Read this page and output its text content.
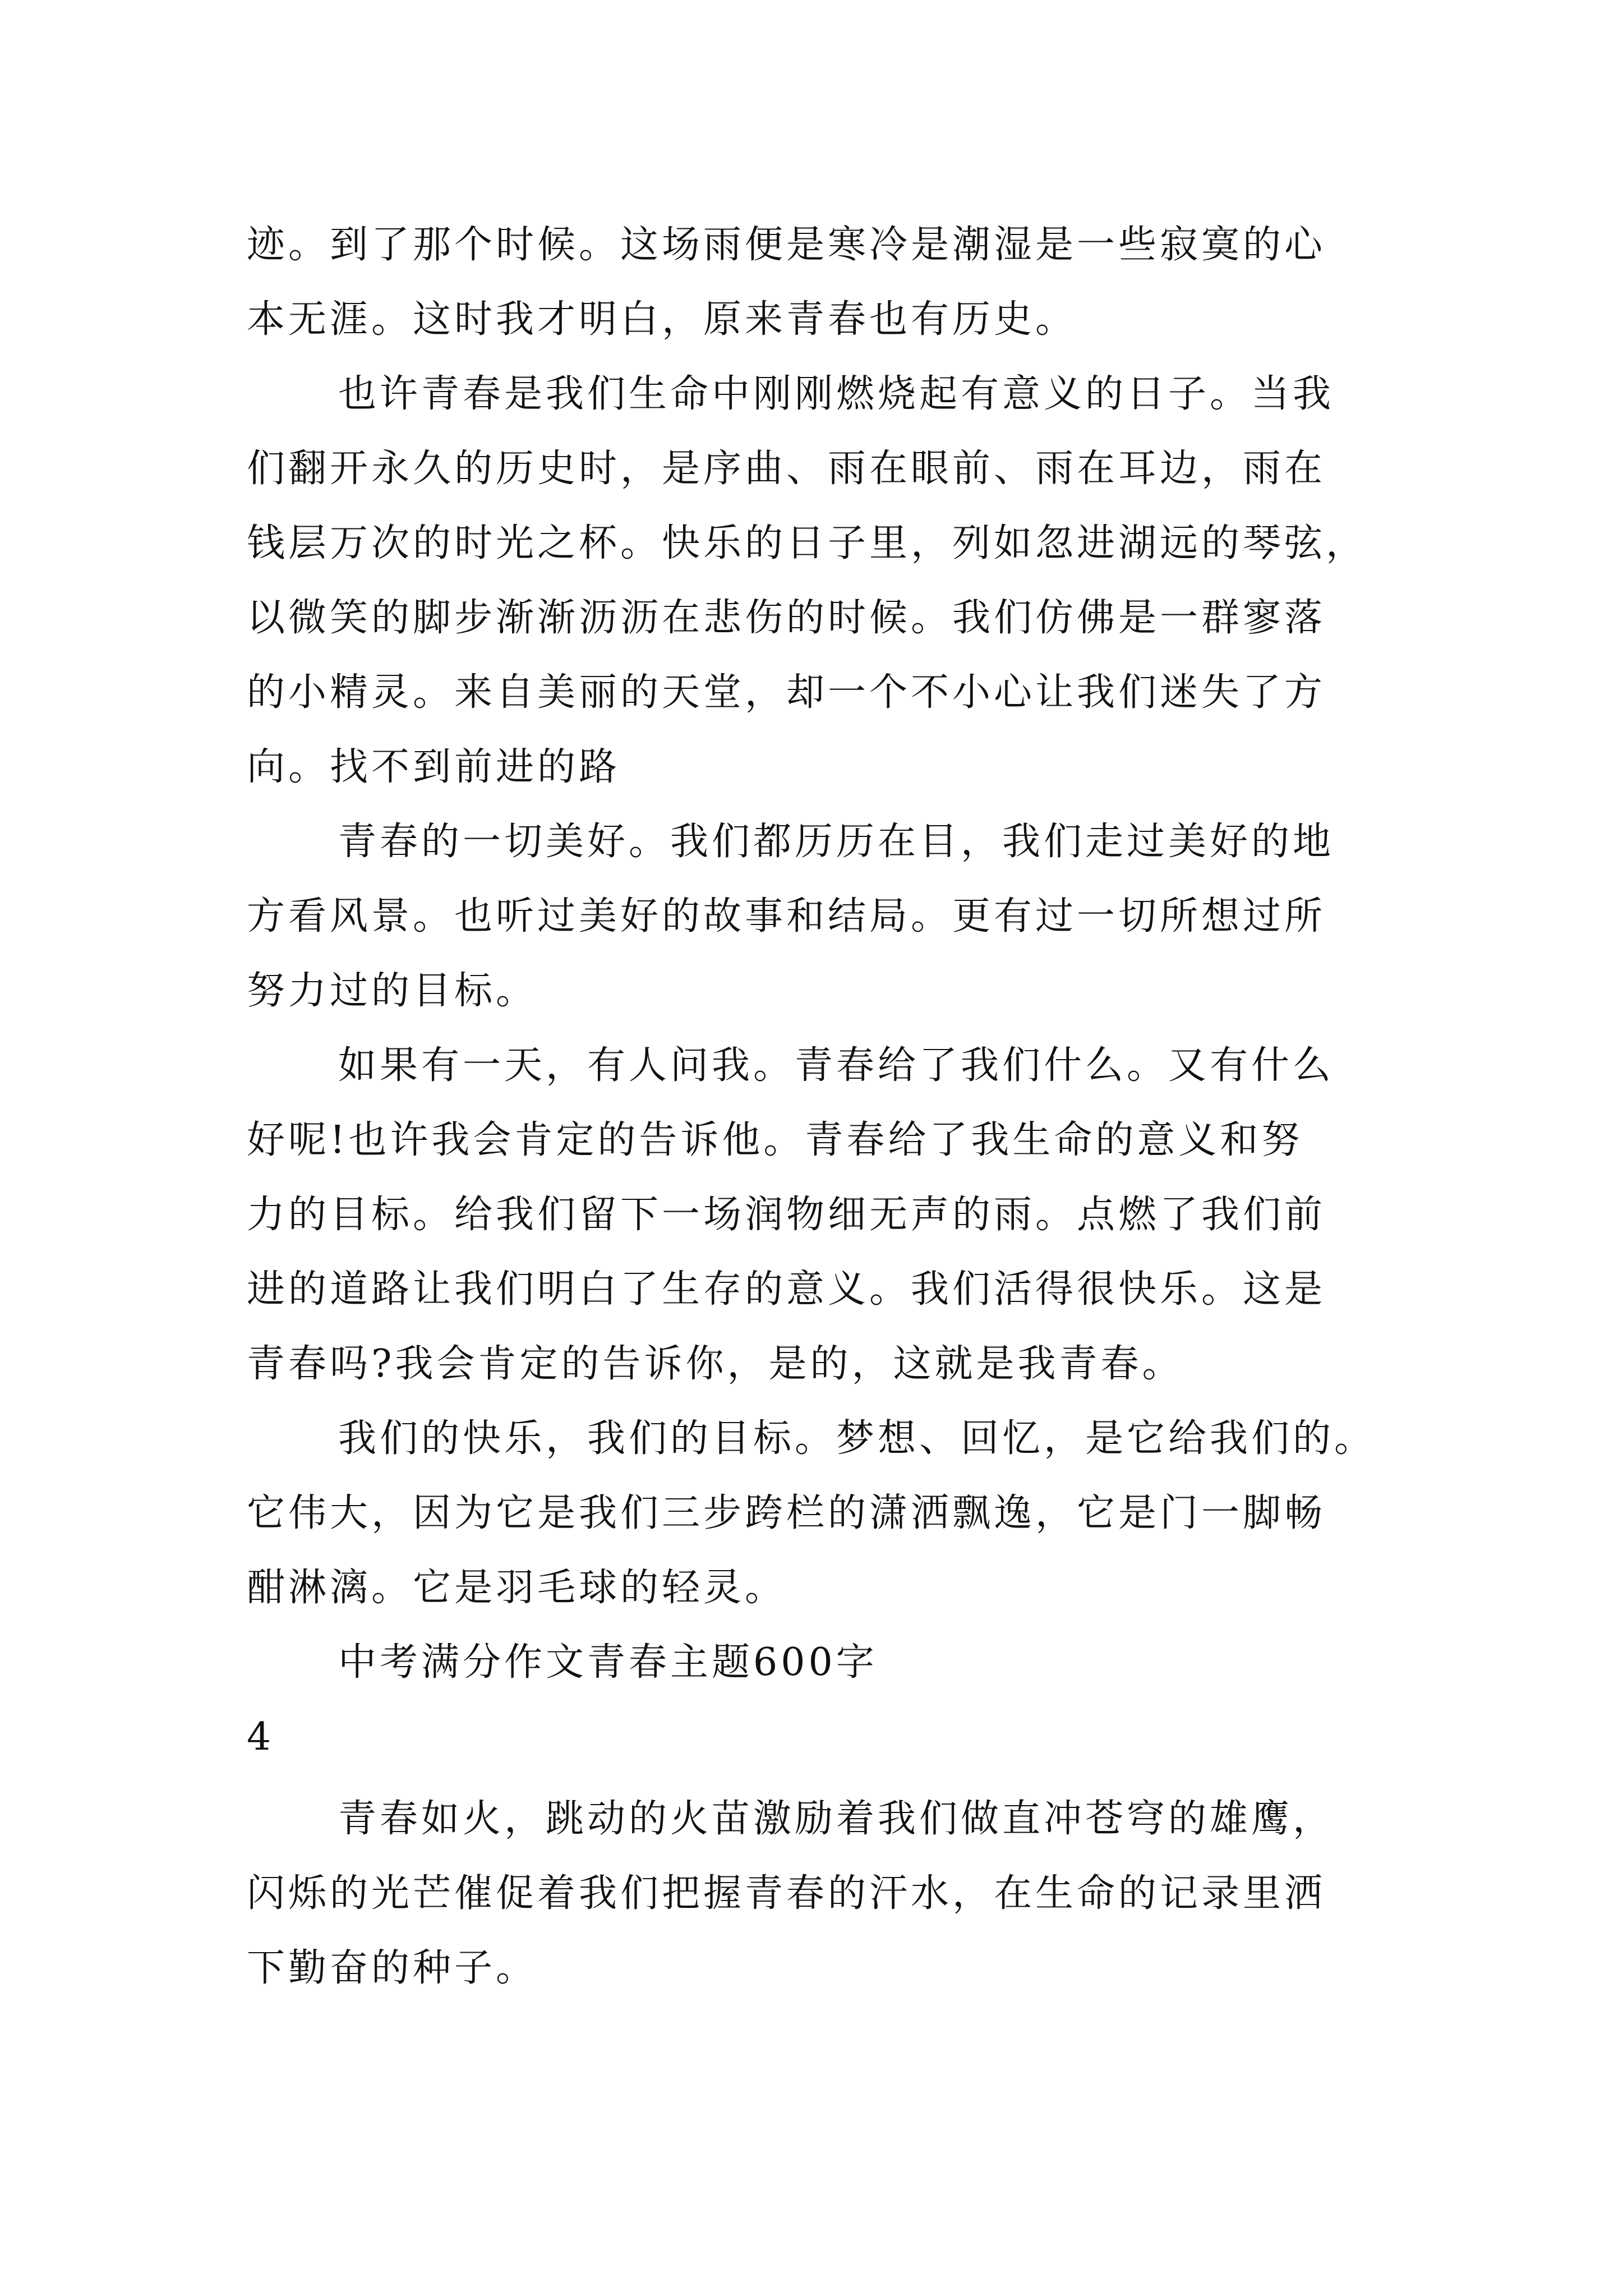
迹。到了那个时候。这场雨便是寒冷是潮湿是一些寂寞的心
本无涯。这时我才明白，原来青春也有历史。
也许青春是我们生命中刚刚燃烧起有意义的日子。当我
们翻开永久的历史时，是序曲、雨在眼前、雨在耳边，雨在
钱层万次的时光之杯。快乐的日子里，列如忽进湖远的琴弦，
以微笑的脚步渐渐沥沥在悲伤的时候。我们仿佛是一群寥落
的小精灵。来自美丽的天堂，却一个不小心让我们迷失了方
向。找不到前进的路
青春的一切美好。我们都历历在目，我们走过美好的地
方看风景。也听过美好的故事和结局。更有过一切所想过所
努力过的目标。
如果有一天，有人问我。青春给了我们什么。又有什么
好呢!也许我会肯定的告诉他。青春给了我生命的意义和努
力的目标。给我们留下一场润物细无声的雨。点燃了我们前
进的道路让我们明白了生存的意义。我们活得很快乐。这是
青春吗?我会肯定的告诉你，是的，这就是我青春。
我们的快乐，我们的目标。梦想、回忆，是它给我们的。
它伟大，因为它是我们三步跨栏的潇洒飘逸，它是门一脚畅
酣淋漓。它是羽毛球的轻灵。
中考满分作文青春主题600字
4
青春如火，跳动的火苗激励着我们做直冲苍穹的雄鹰，
闪烁的光芒催促着我们把握青春的汗水，在生命的记录里洒
下勤奋的种子。
